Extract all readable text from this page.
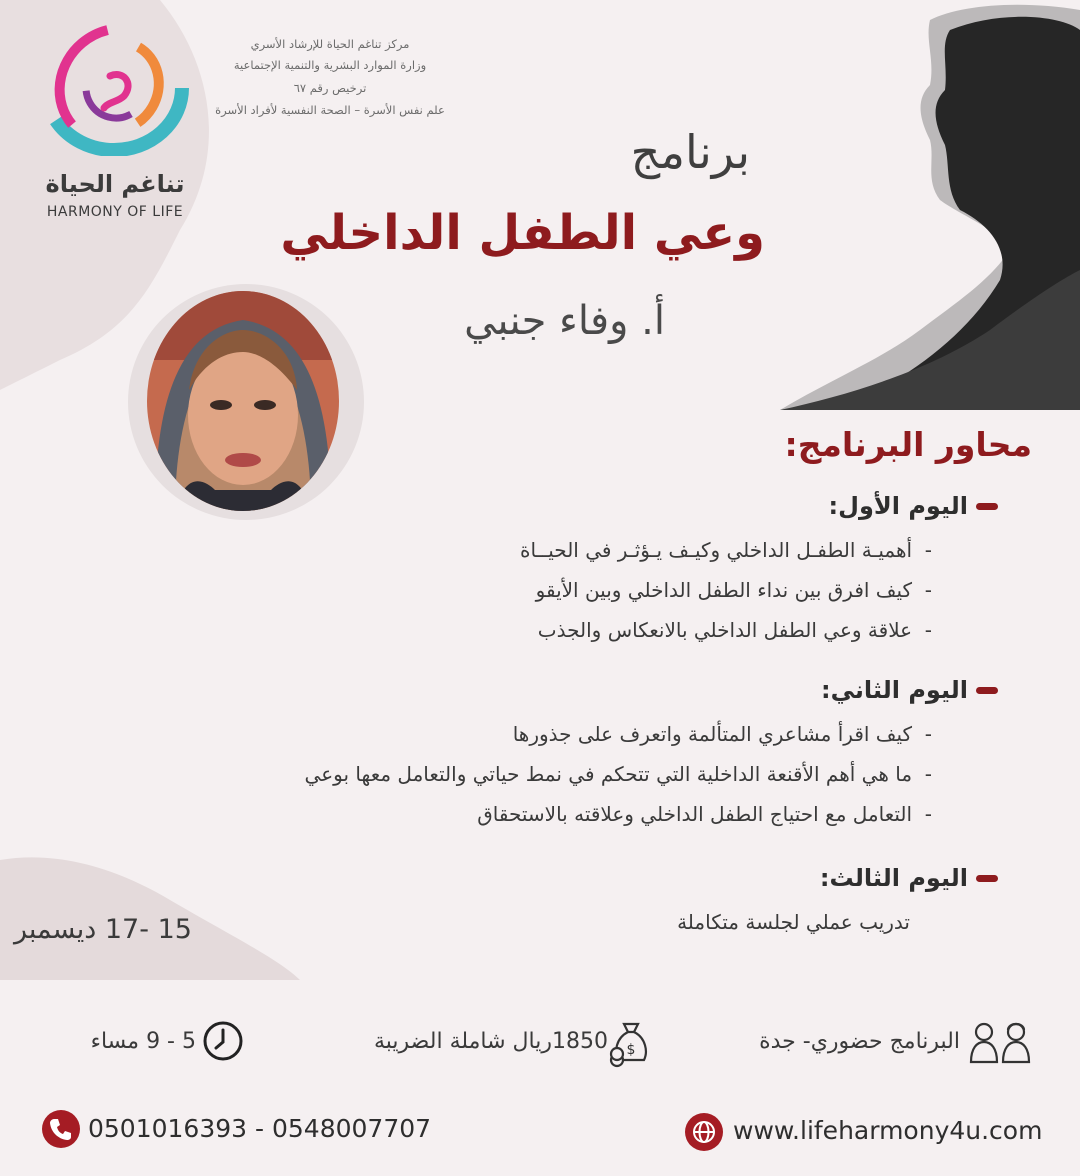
تناغم الحياة
HARMONY OF LIFE
مركز تناغم الحياة للإرشاد الأسري
وزارة الموارد البشرية والتنمية الإجتماعية
ترخيص رقم ٦٧
علم نفس الأسرة – الصحة النفسية لأفراد الأسرة
برنامج
وعي الطفل الداخلي
أ. وفاء جنبي
محاور البرنامج:
اليوم الأول:
-  أهميـة الطفـل الداخلي وكيـف يـؤثـر في الحيــاة
-  كيف افرق بين نداء الطفل الداخلي وبين الأيقو
-  علاقة وعي الطفل الداخلي بالانعكاس والجذب
اليوم الثاني:
-  كيف اقرأ مشاعري المتألمة واتعرف على جذورها
-  ما هي أهم الأقنعة الداخلية التي تتحكم في نمط حياتي والتعامل معها بوعي
-  التعامل مع احتياج الطفل الداخلي وعلاقته بالاستحقاق
اليوم الثالث:
تدريب عملي لجلسة متكاملة
15 -17 ديسمبر
البرنامج حضوري- جدة
$
1850ريال شاملة الضريبة
5 - 9 مساء
www.lifeharmony4u.com
0501016393 - 0548007707
